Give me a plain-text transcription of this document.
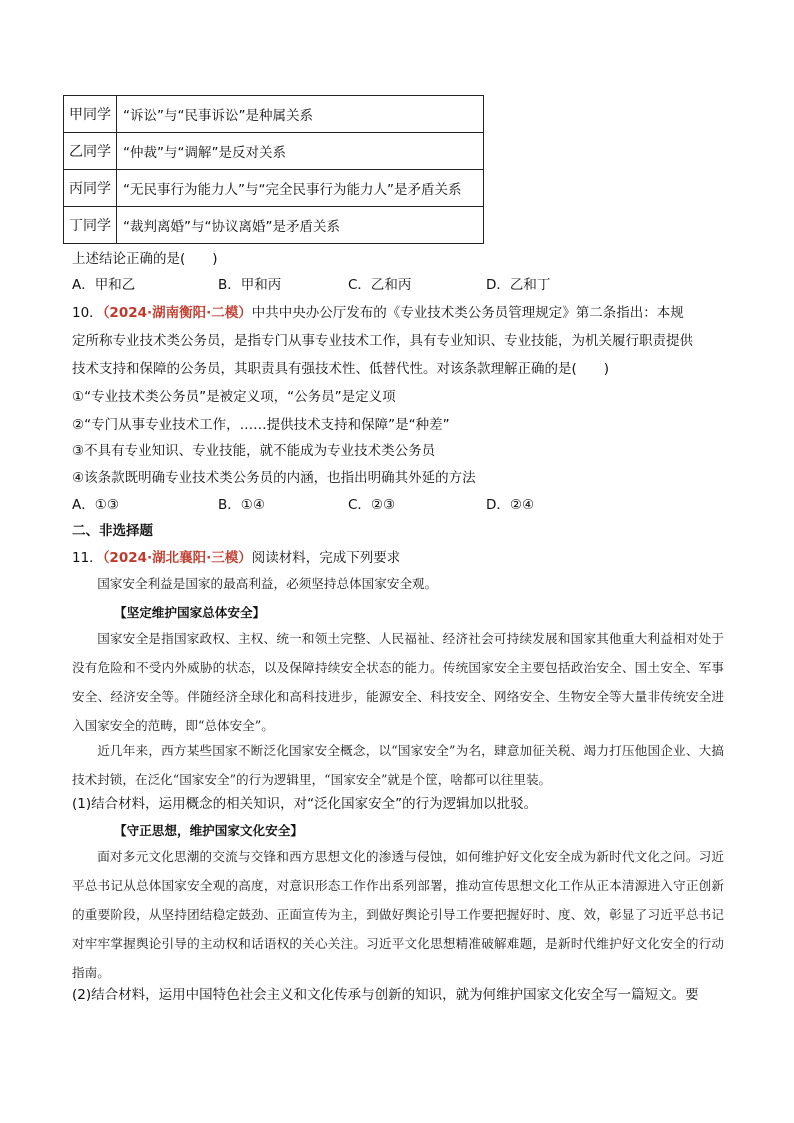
甲同学	“诉讼”与“民事诉讼”是种属关系
乙同学	“仲裁”与“调解”是反对关系
丙同学	“无民事行为能力人”与“完全民事行为能力人”是矛盾关系
丁同学	“裁判离婚”与“协议离婚”是矛盾关系
上述结论正确的是(　　)
A．甲和乙	B．甲和丙	C．乙和丙	D．乙和丁
10．（2024·湖南衡阳·二模）中共中央办公厅发布的《专业技术类公务员管理规定》第二条指出：本规
定所称专业技术类公务员，是指专门从事专业技术工作，具有专业知识、专业技能，为机关履行职责提供
技术支持和保障的公务员，其职责具有强技术性、低替代性。对该条款理解正确的是(　　)
①“专业技术类公务员”是被定义项，“公务员”是定义项
②“专门从事专业技术工作，……提供技术支持和保障”是“种差”
③不具有专业知识、专业技能，就不能成为专业技术类公务员
④该条款既明确专业技术类公务员的内涵，也指出明确其外延的方法
A．①③	B．①④	C．②③	D．②④
二、非选择题
11．（2024·湖北襄阳·三模）阅读材料，完成下列要求
国家安全利益是国家的最高利益，必须坚持总体国家安全观。
【坚定维护国家总体安全】
国家安全是指国家政权、主权、统一和领土完整、人民福祉、经济社会可持续发展和国家其他重大利益相对处于没有危险和不受内外威胁的状态，以及保障持续安全状态的能力。传统国家安全主要包括政治安全、国土安全、军事安全、经济安全等。伴随经济全球化和高科技进步，能源安全、科技安全、网络安全、生物安全等大量非传统安全进入国家安全的范畴，即“总体安全”。
近几年来，西方某些国家不断泛化国家安全概念，以“国家安全”为名，肆意加征关税、竭力打压他国企业、大搞技术封锁，在泛化“国家安全”的行为逻辑里，“国家安全”就是个筐，啥都可以往里装。
(1)结合材料，运用概念的相关知识，对“泛化国家安全”的行为逻辑加以批驳。
【守正思想，维护国家文化安全】
面对多元文化思潮的交流与交锋和西方思想文化的渗透与侵蚀，如何维护好文化安全成为新时代文化之问。习近平总书记从总体国家安全观的高度，对意识形态工作作出系列部署，推动宣传思想文化工作从正本清源进入守正创新的重要阶段，从坚持团结稳定鼓劲、正面宣传为主，到做好舆论引导工作要把握好时、度、效，彰显了习近平总书记对牢牢掌握舆论引导的主动权和话语权的关心关注。习近平文化思想精准破解难题，是新时代维护好文化安全的行动指南。
(2)结合材料，运用中国特色社会主义和文化传承与创新的知识，就为何维护国家文化安全写一篇短文。要
